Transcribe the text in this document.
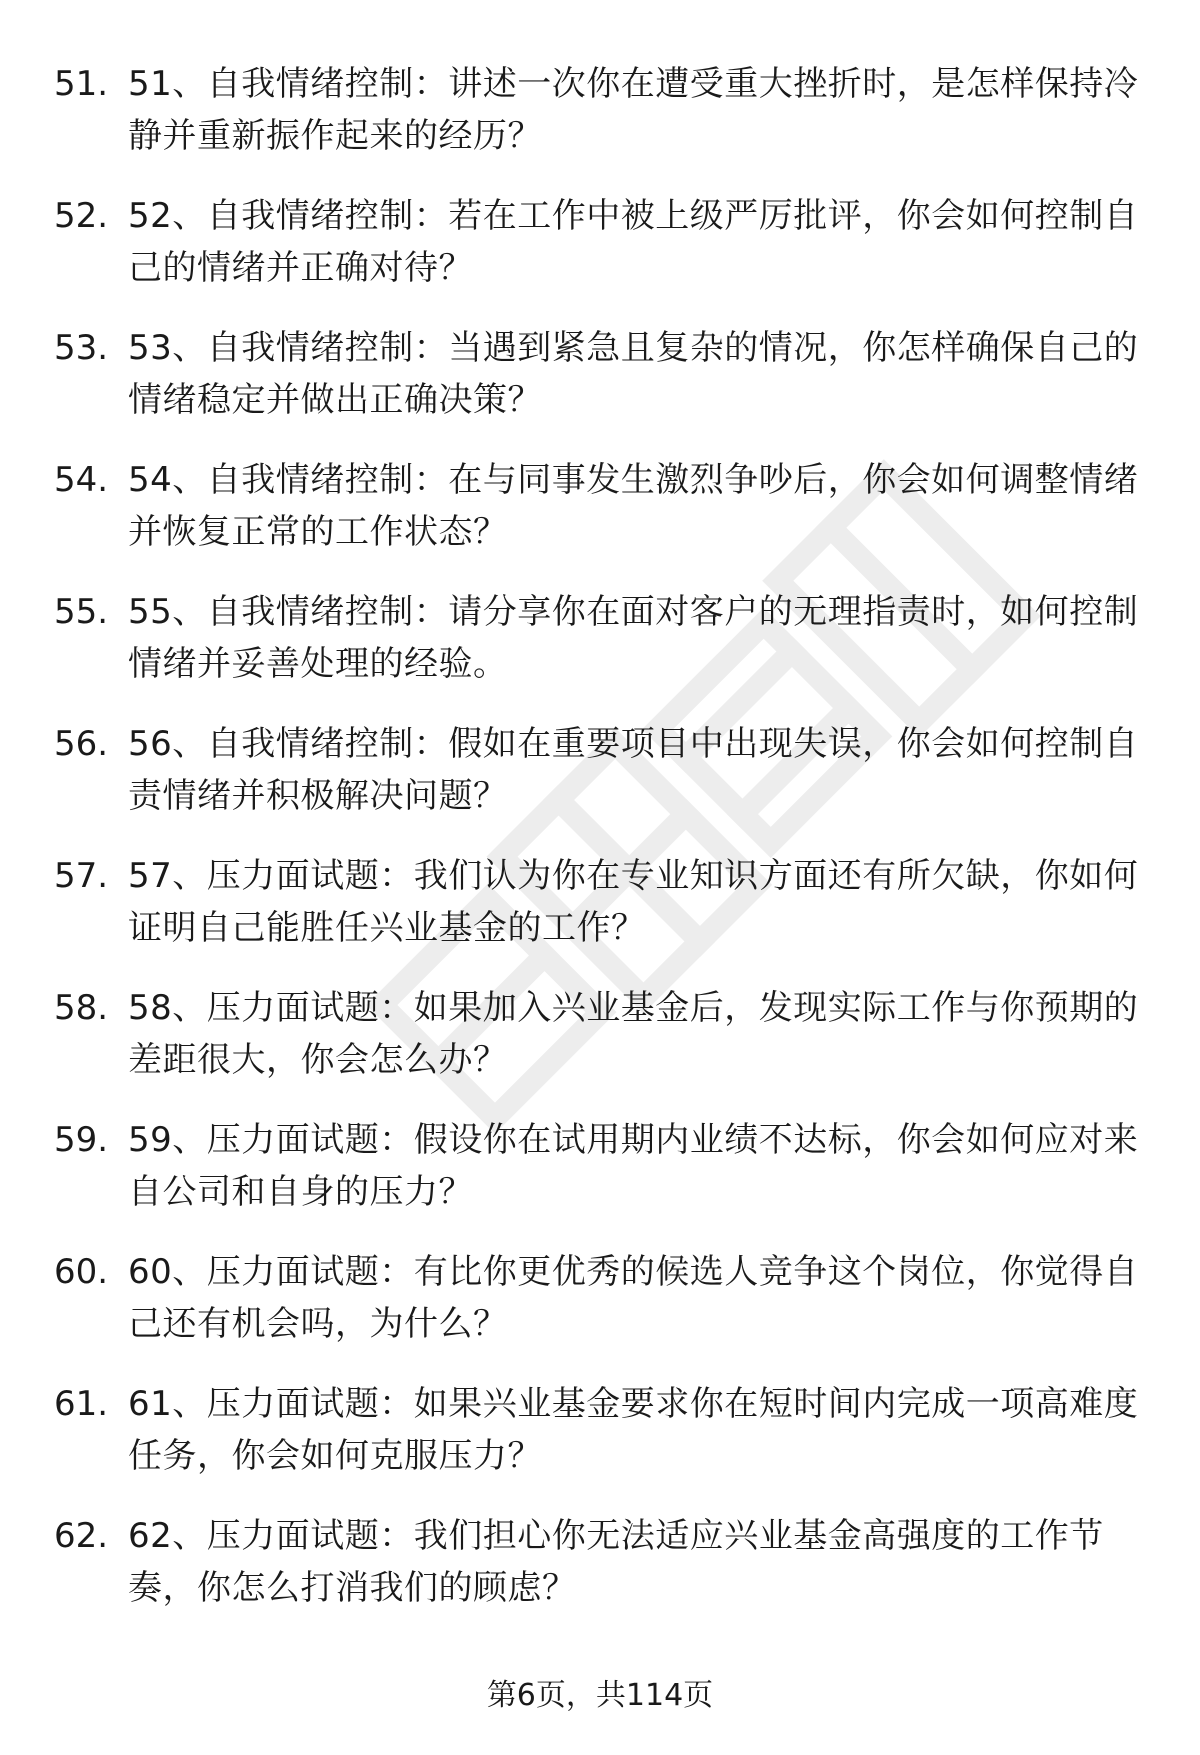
51. 51、自我情绪控制：讲述一次你在遭受重大挫折时，是怎样保持冷静并重新振作起来的经历？
52. 52、自我情绪控制：若在工作中被上级严厉批评，你会如何控制自己的情绪并正确对待？
53. 53、自我情绪控制：当遇到紧急且复杂的情况，你怎样确保自己的情绪稳定并做出正确决策？
54. 54、自我情绪控制：在与同事发生激烈争吵后，你会如何调整情绪并恢复正常的工作状态？
55. 55、自我情绪控制：请分享你在面对客户的无理指责时，如何控制情绪并妥善处理的经验。
56. 56、自我情绪控制：假如在重要项目中出现失误，你会如何控制自责情绪并积极解决问题？
57. 57、压力面试题：我们认为你在专业知识方面还有所欠缺，你如何证明自己能胜任兴业基金的工作？
58. 58、压力面试题：如果加入兴业基金后，发现实际工作与你预期的差距很大，你会怎么办？
59. 59、压力面试题：假设你在试用期内业绩不达标，你会如何应对来自公司和自身的压力？
60. 60、压力面试题：有比你更优秀的候选人竞争这个岗位，你觉得自己还有机会吗，为什么？
61. 61、压力面试题：如果兴业基金要求你在短时间内完成一项高难度任务，你会如何克服压力？
62. 62、压力面试题：我们担心你无法适应兴业基金高强度的工作节奏，你怎么打消我们的顾虑？
第6页，共114页
